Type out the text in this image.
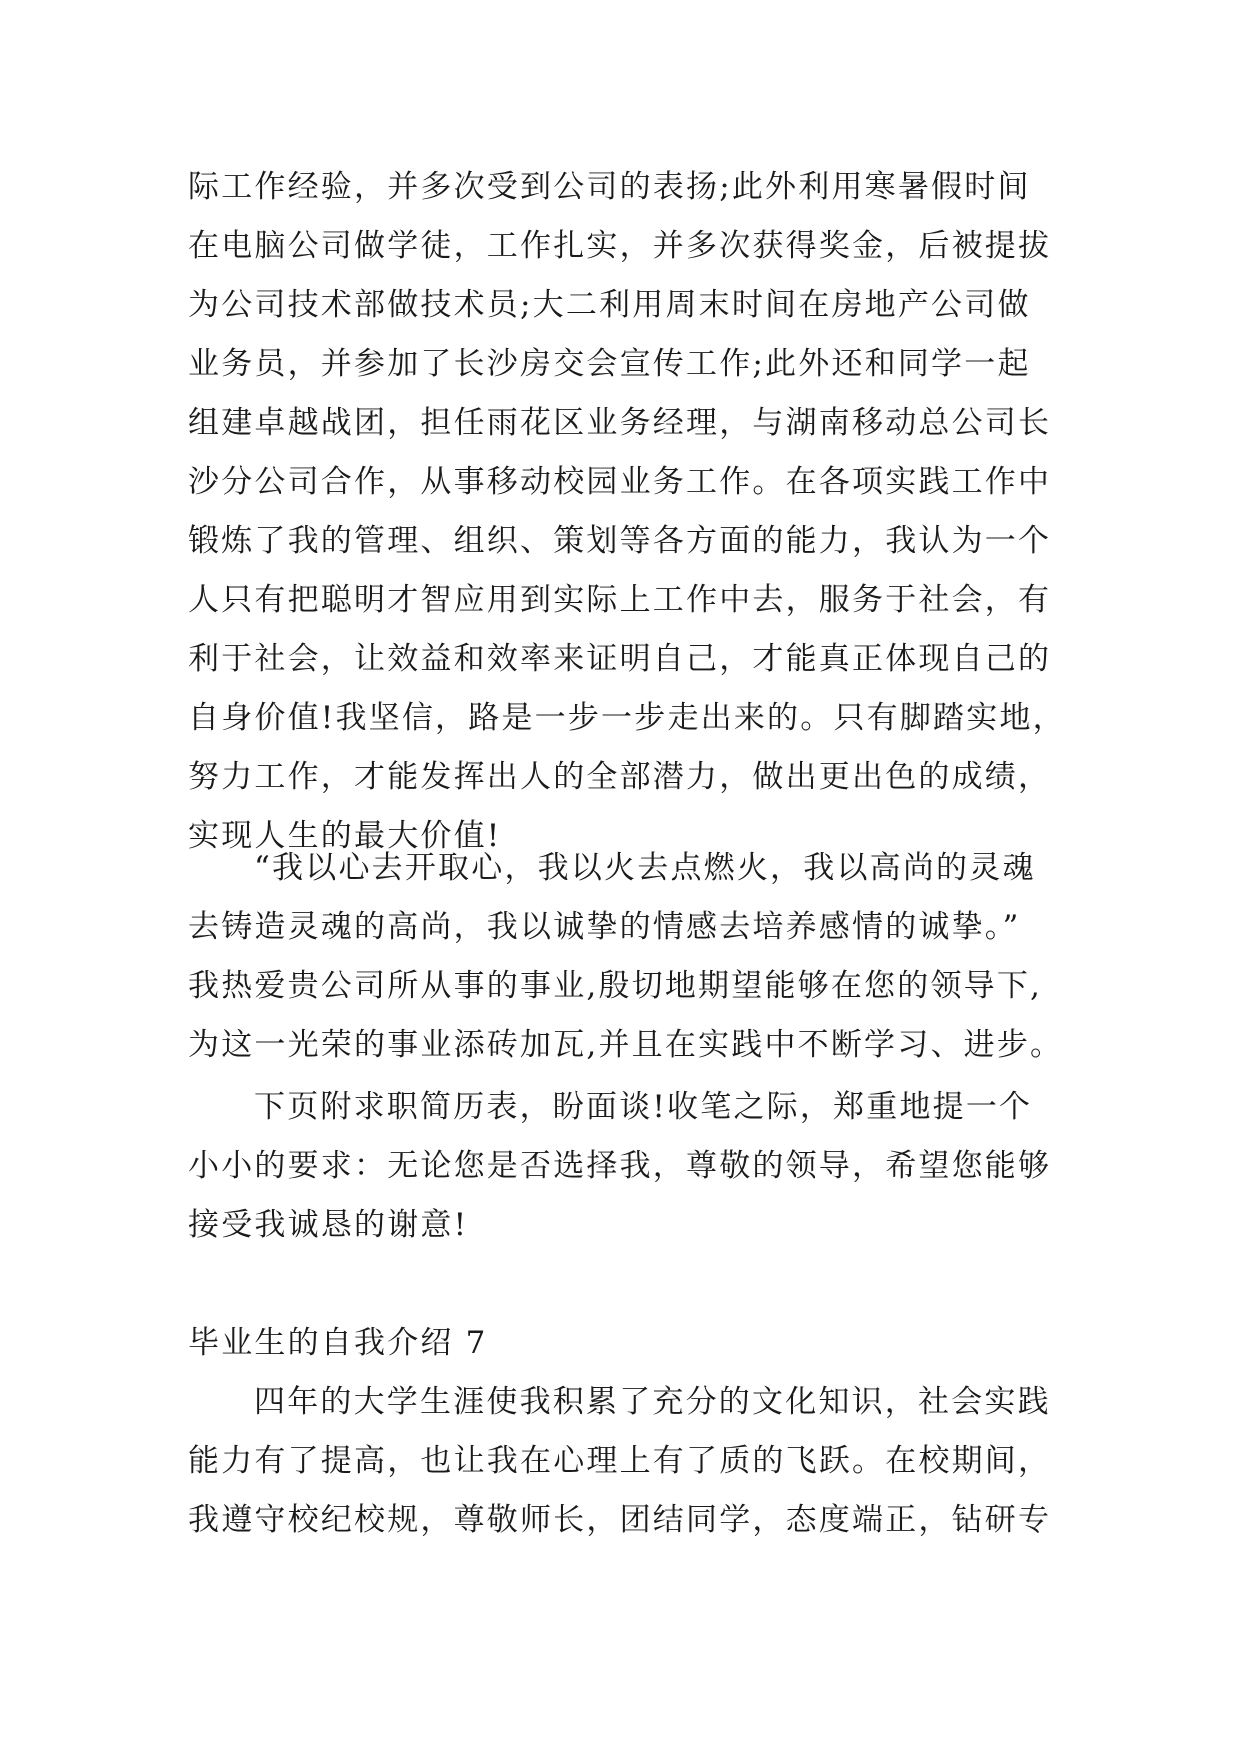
际工作经验，并多次受到公司的表扬;此外利用寒暑假时间
在电脑公司做学徒，工作扎实，并多次获得奖金，后被提拔
为公司技术部做技术员;大二利用周末时间在房地产公司做
业务员，并参加了长沙房交会宣传工作;此外还和同学一起
组建卓越战团，担任雨花区业务经理，与湖南移动总公司长
沙分公司合作，从事移动校园业务工作。在各项实践工作中
锻炼了我的管理、组织、策划等各方面的能力，我认为一个
人只有把聪明才智应用到实际上工作中去，服务于社会，有
利于社会，让效益和效率来证明自己，才能真正体现自己的
自身价值!我坚信，路是一步一步走出来的。只有脚踏实地，
努力工作，才能发挥出人的全部潜力，做出更出色的成绩，
实现人生的最大价值!
“我以心去开取心，我以火去点燃火，我以高尚的灵魂
去铸造灵魂的高尚，我以诚挚的情感去培养感情的诚挚。”
我热爱贵公司所从事的事业,殷切地期望能够在您的领导下,
为这一光荣的事业添砖加瓦,并且在实践中不断学习、进步。
下页附求职简历表，盼面谈!收笔之际，郑重地提一个
小小的要求：无论您是否选择我，尊敬的领导，希望您能够
接受我诚恳的谢意!
毕业生的自我介绍 7
四年的大学生涯使我积累了充分的文化知识，社会实践
能力有了提高，也让我在心理上有了质的飞跃。在校期间，
我遵守校纪校规，尊敬师长，团结同学，态度端正，钻研专
